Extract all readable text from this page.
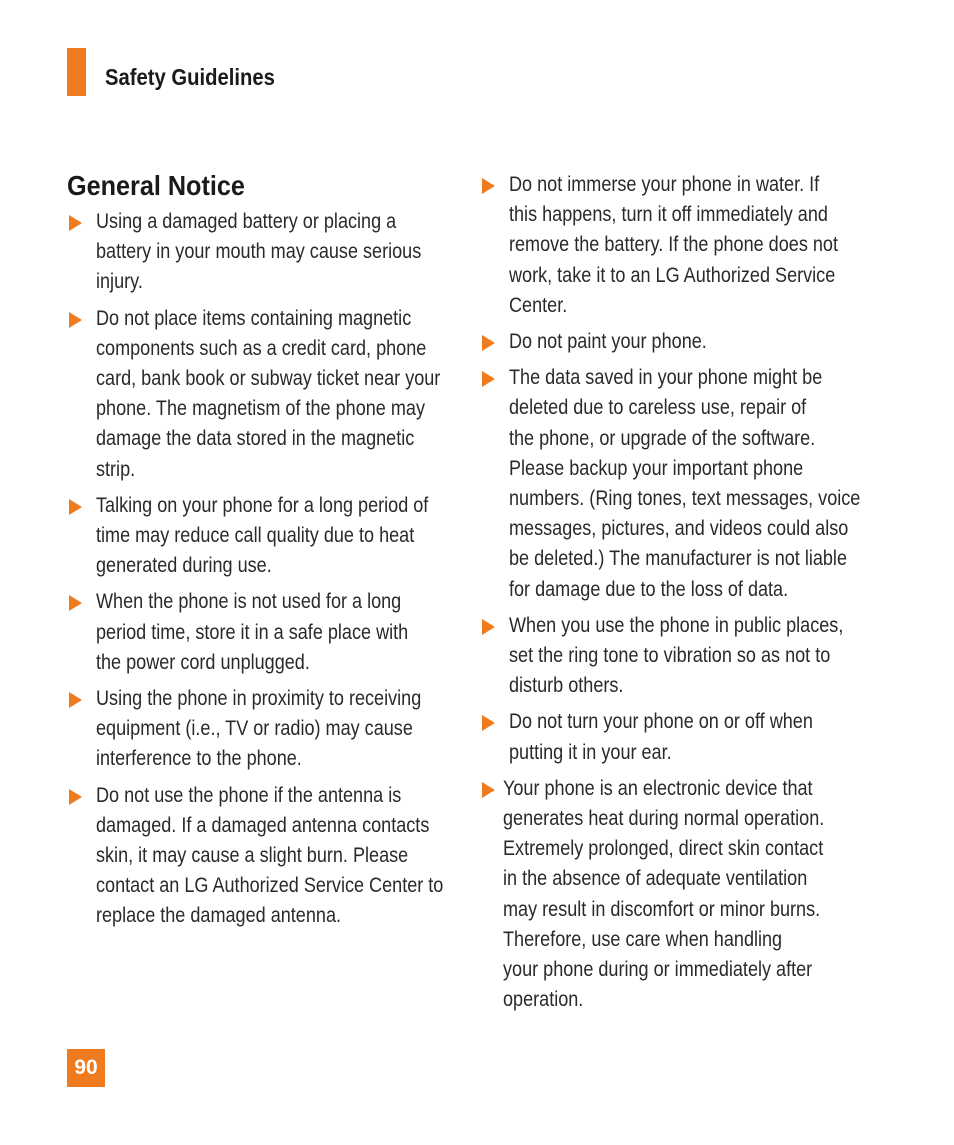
Safety Guidelines
General Notice
Using a damaged battery or placing a
battery in your mouth may cause serious
injury.
Do not place items containing magnetic
components such as a credit card, phone
card, bank book or subway ticket near your
phone. The magnetism of the phone may
damage the data stored in the magnetic
strip.
Talking on your phone for a long period of
time may reduce call quality due to heat
generated during use.
When the phone is not used for a long
period time, store it in a safe place with
the power cord unplugged.
Using the phone in proximity to receiving
equipment (i.e., TV or radio) may cause
interference to the phone.
Do not use the phone if the antenna is
damaged. If a damaged antenna contacts
skin, it may cause a slight burn. Please
contact an LG Authorized Service Center to
replace the damaged antenna.
Do not immerse your phone in water. If
this happens, turn it off immediately and
remove the battery. If the phone does not
work, take it to an LG Authorized Service
Center.
Do not paint your phone.
The data saved in your phone might be
deleted due to careless use, repair of
the phone, or upgrade of the software.
Please backup your important phone
numbers. (Ring tones, text messages, voice
messages, pictures, and videos could also
be deleted.) The manufacturer is not liable
for damage due to the loss of data.
When you use the phone in public places,
set the ring tone to vibration so as not to
disturb others.
Do not turn your phone on or off when
putting it in your ear.
Your phone is an electronic device that
generates heat during normal operation.
Extremely prolonged, direct skin contact
in the absence of adequate ventilation
may result in discomfort or minor burns.
Therefore, use care when handling
your phone during or immediately after
operation.
90
